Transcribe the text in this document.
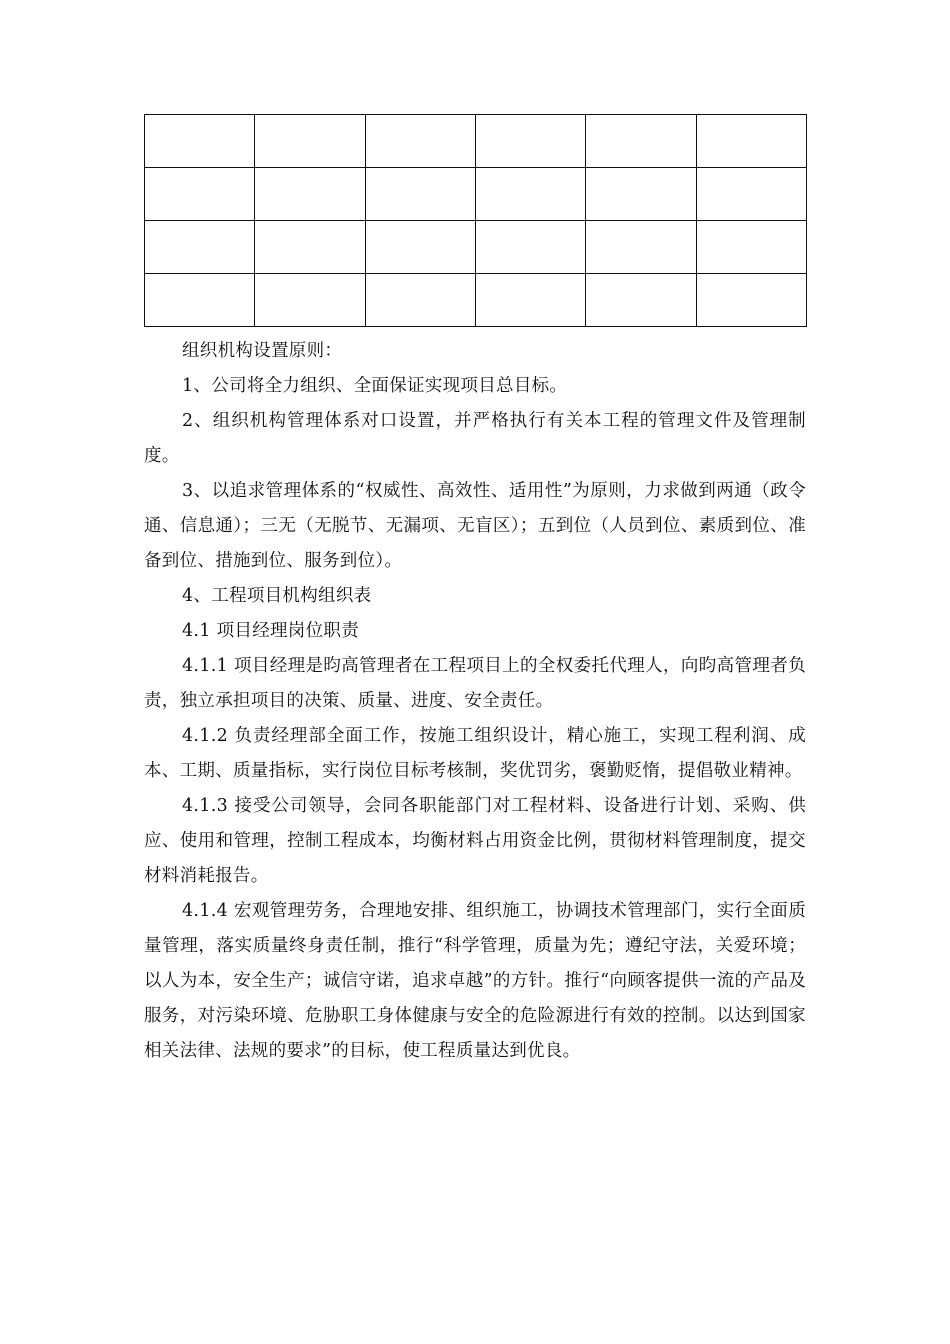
组织机构设置原则：

1、公司将全力组织、全面保证实现项目总目标。

2、组织机构管理体系对口设置，并严格执行有关本工程的管理文件及管理制度。

3、以追求管理体系的“权威性、高效性、适用性”为原则，力求做到两通（政令通、信息通）；三无（无脱节、无漏项、无盲区）；五到位（人员到位、素质到位、准备到位、措施到位、服务到位）。

4、工程项目机构组织表

4.1 项目经理岗位职责

4.1.1 项目经理是昀高管理者在工程项目上的全权委托代理人，向昀高管理者负责，独立承担项目的决策、质量、进度、安全责任。

4.1.2 负责经理部全面工作，按施工组织设计，精心施工，实现工程利润、成本、工期、质量指标，实行岗位目标考核制，奖优罚劣，褒勤贬惰，提倡敬业精神。

4.1.3 接受公司领导，会同各职能部门对工程材料、设备进行计划、采购、供应、使用和管理，控制工程成本，均衡材料占用资金比例，贯彻材料管理制度，提交材料消耗报告。

4.1.4 宏观管理劳务，合理地安排、组织施工，协调技术管理部门，实行全面质量管理，落实质量终身责任制，推行“科学管理，质量为先；遵纪守法，关爱环境；以人为本，安全生产；诚信守诺，追求卓越”的方针。推行“向顾客提供一流的产品及服务，对污染环境、危胁职工身体健康与安全的危险源进行有效的控制。以达到国家相关法律、法规的要求”的目标，使工程质量达到优良。
